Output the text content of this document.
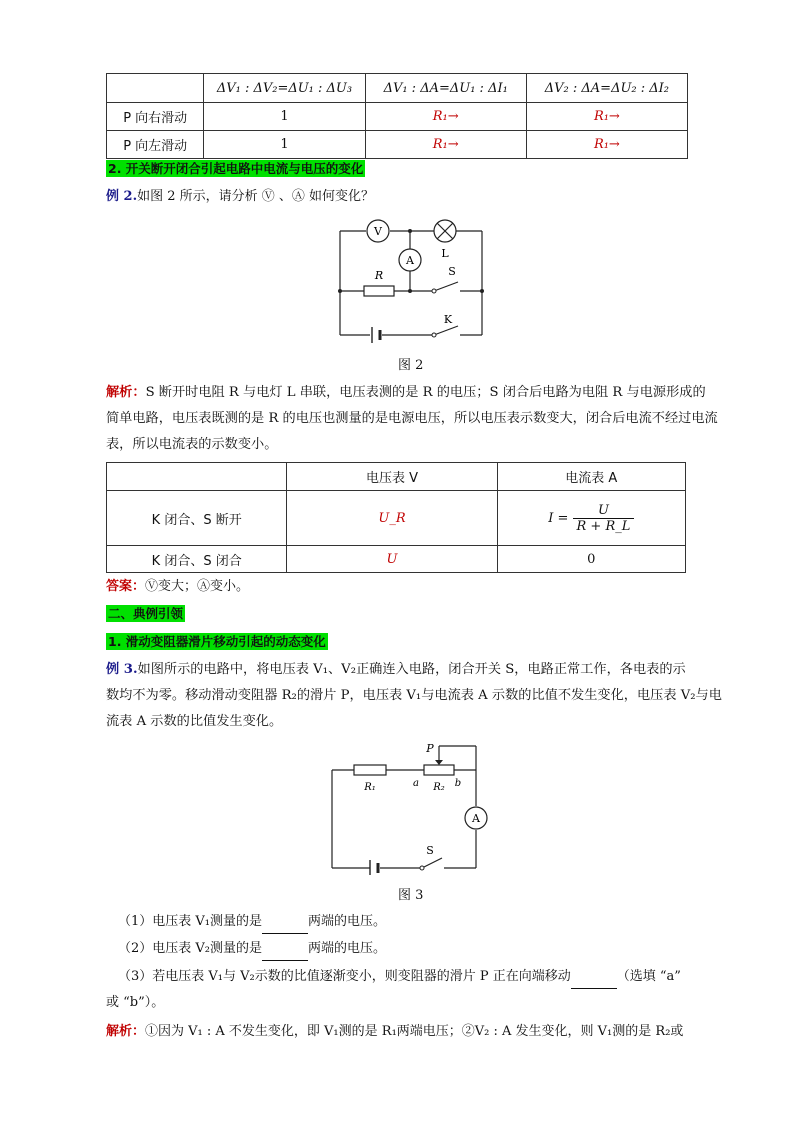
	ΔV₁ : ΔV₂=ΔU₁ : ΔU₃	ΔV₁ : ΔA=ΔU₁ : ΔI₁	ΔV₂ : ΔA=ΔU₂ : ΔI₂
P 向右滑动	1	R₁→	R₁→
P 向左滑动	1	R₁→	R₁→
2. 开关断开闭合引起电路中电流与电压的变化
例 2.如图 2 所示，请分析 Ⓥ 、Ⓐ 如何变化？
V
A
L
R	S
K
图 2
解析：S 断开时电阻 R 与电灯 L 串联，电压表测的是 R 的电压；S 闭合后电路为电阻 R 与电源形成的
简单电路，电压表既测的是 R 的电压也测量的是电源电压，所以电压表示数变大，闭合后电流不经过电流
表，所以电流表的示数变小。
	电压表 V	电流表 A
K 闭合、S 断开	U_R	$I = \frac{U}{R + R\_L}$

K 闭合、S 闭合	U	0
答案：Ⓥ变大；Ⓐ变小。
二、典例引领
1. 滑动变阻器滑片移动引起的动态变化
例 3.如图所示的电路中，将电压表 V₁、V₂正确连入电路，闭合开关 S，电路正常工作，各电表的示
数均不为零。移动滑动变阻器 R₂的滑片 P，电压表 V₁与电流表 A 示数的比值不发生变化，电压表 V₂与电
流表 A 示数的比值发生变化。
A
P
R₁	a R₂ b
S
图 3
（1）电压表 V₁测量的是	两端的电压。
（2）电压表 V₂测量的是	两端的电压。
（3）若电压表 V₁与 V₂示数的比值逐渐变小，则变阻器的滑片 P 正在向端移动	（选填 “a”
或 “b”）。
解析：①因为 V₁ : A 不发生变化，即 V₁测的是 R₁两端电压；②V₂ : A 发生变化，则 V₁测的是 R₂或
